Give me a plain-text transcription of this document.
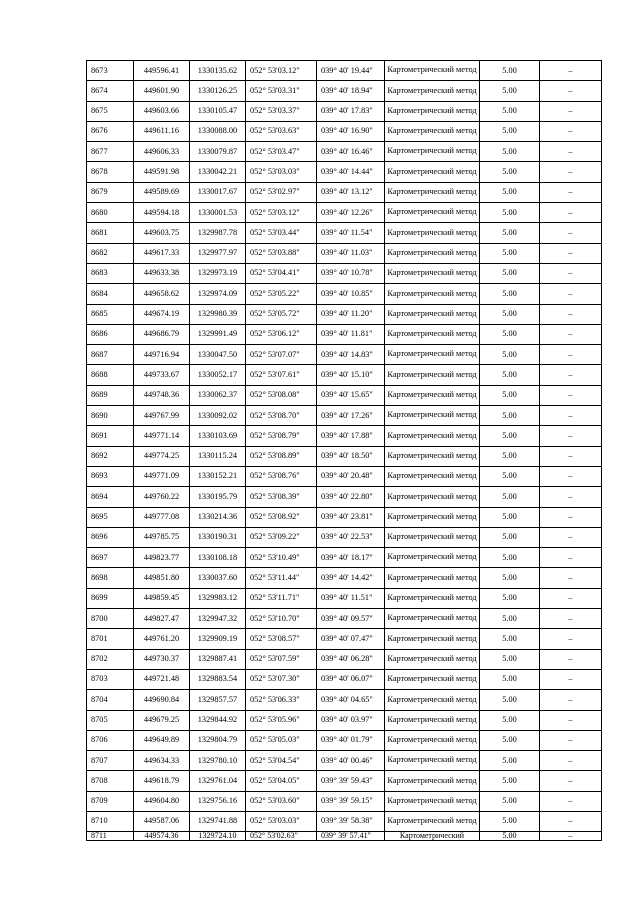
8673	449596.41	1330135.62	052° 53'03.12"	039° 40' 19.44"	Картометрический метод	5.00	–
8674	449601.90	1330126.25	052° 53'03.31"	039° 40' 18.94"	Картометрический метод	5.00	–
8675	449603.66	1330105.47	052° 53'03.37"	039° 40' 17.83"	Картометрический метод	5.00	–
8676	449611.16	1330088.00	052° 53'03.63"	039° 40' 16.90"	Картометрический метод	5.00	–
8677	449606.33	1330079.87	052° 53'03.47"	039° 40' 16.46"	Картометрический метод	5.00	–
8678	449591.98	1330042.21	052° 53'03.03"	039° 40' 14.44"	Картометрический метод	5.00	–
8679	449589.69	1330017.67	052° 53'02.97"	039° 40' 13.12"	Картометрический метод	5.00	–
8680	449594.18	1330001.53	052° 53'03.12"	039° 40' 12.26"	Картометрический метод	5.00	–
8681	449603.75	1329987.78	052° 53'03.44"	039° 40' 11.54"	Картометрический метод	5.00	–
8682	449617.33	1329977.97	052° 53'03.88"	039° 40' 11.03"	Картометрический метод	5.00	–
8683	449633.38	1329973.19	052° 53'04.41"	039° 40' 10.78"	Картометрический метод	5.00	–
8684	449658.62	1329974.09	052° 53'05.22"	039° 40' 10.85"	Картометрический метод	5.00	–
8685	449674.19	1329980.39	052° 53'05.72"	039° 40' 11.20"	Картометрический метод	5.00	–
8686	449686.79	1329991.49	052° 53'06.12"	039° 40' 11.81"	Картометрический метод	5.00	–
8687	449716.94	1330047.50	052° 53'07.07"	039° 40' 14.83"	Картометрический метод	5.00	–
8688	449733.67	1330052.17	052° 53'07.61"	039° 40' 15.10"	Картометрический метод	5.00	–
8689	449748.36	1330062.37	052° 53'08.08"	039° 40' 15.65"	Картометрический метод	5.00	–
8690	449767.99	1330092.02	052° 53'08.70"	039° 40' 17.26"	Картометрический метод	5.00	–
8691	449771.14	1330103.69	052° 53'08.79"	039° 40' 17.88"	Картометрический метод	5.00	–
8692	449774.25	1330115.24	052° 53'08.89"	039° 40' 18.50"	Картометрический метод	5.00	–
8693	449771.09	1330152.21	052° 53'08.76"	039° 40' 20.48"	Картометрический метод	5.00	–
8694	449760.22	1330195.79	052° 53'08.39"	039° 40' 22.80"	Картометрический метод	5.00	–
8695	449777.08	1330214.36	052° 53'08.92"	039° 40' 23.81"	Картометрический метод	5.00	–
8696	449785.75	1330190.31	052° 53'09.22"	039° 40' 22.53"	Картометрический метод	5.00	–
8697	449823.77	1330108.18	052° 53'10.49"	039° 40' 18.17"	Картометрический метод	5.00	–
8698	449851.80	1330037.60	052° 53'11.44"	039° 40' 14.42"	Картометрический метод	5.00	–
8699	449859.45	1329983.12	052° 53'11.71"	039° 40' 11.51"	Картометрический метод	5.00	–
8700	449827.47	1329947.32	052° 53'10.70"	039° 40' 09.57"	Картометрический метод	5.00	–
8701	449761.20	1329909.19	052° 53'08.57"	039° 40' 07.47"	Картометрический метод	5.00	–
8702	449730.37	1329887.41	052° 53'07.59"	039° 40' 06.28"	Картометрический метод	5.00	–
8703	449721.48	1329883.54	052° 53'07.30"	039° 40' 06.07"	Картометрический метод	5.00	–
8704	449690.84	1329857.57	052° 53'06.33"	039° 40' 04.65"	Картометрический метод	5.00	–
8705	449679.25	1329844.92	052° 53'05.96"	039° 40' 03.97"	Картометрический метод	5.00	–
8706	449649.89	1329804.79	052° 53'05.03"	039° 40' 01.79"	Картометрический метод	5.00	–
8707	449634.33	1329780.10	052° 53'04.54"	039° 40' 00.46"	Картометрический метод	5.00	–
8708	449618.79	1329761.04	052° 53'04.05"	039° 39' 59.43"	Картометрический метод	5.00	–
8709	449604.80	1329756.16	052° 53'03.60"	039° 39' 59.15"	Картометрический метод	5.00	–
8710	449587.06	1329741.88	052° 53'03.03"	039° 39' 58.38"	Картометрический метод	5.00	–
8711	449574.36	1329724.10	052° 53'02.63"	039° 39' 57.41"	Картометрический	5.00	–
